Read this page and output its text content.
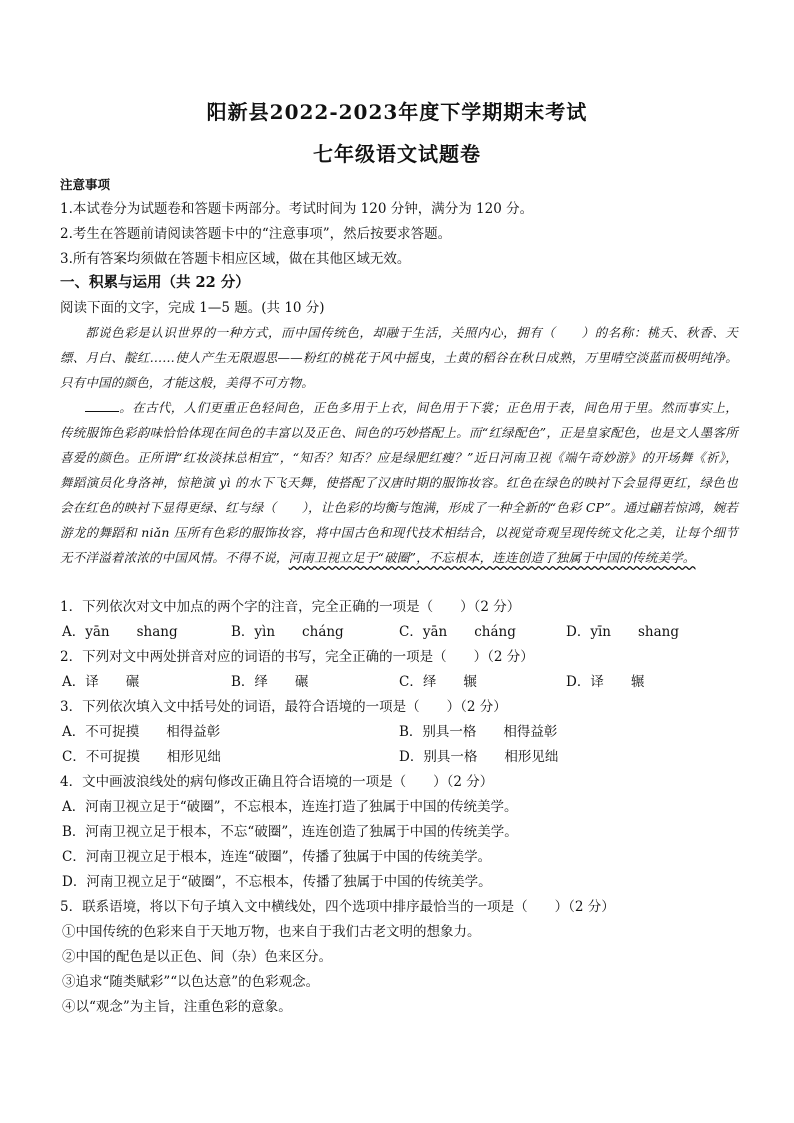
阳新县2022-2023年度下学期期末考试
七年级语文试题卷
注意事项
1.本试卷分为试题卷和答题卡两部分。考试时间为 120 分钟，满分为 120 分。
2.考生在答题前请阅读答题卡中的“注意事项”，然后按要求答题。
3.所有答案均须做在答题卡相应区域，做在其他区域无效。
一、积累与运用（共 22 分）
阅读下面的文字，完成 1—5 题。(共 10 分)
都说色彩是认识世界的一种方式，而中国传统色，却融于生活，关照内心，拥有（　　）的名称：桃夭、秋香、天缥、月白、靛红……使人产生无限遐思——粉红的桃花于风中摇曳，土黄的稻谷在秋日成熟，万里晴空淡蓝而极明纯净。只有中国的颜色，才能这般，美得不可方物。
。在古代，人们更重正色轻间色，正色多用于上衣，间色用于下裳；正色用于表，间色用于里。然而事实上，传统服饰色彩韵味恰恰体现在间色的丰富以及正色、间色的巧妙搭配上。而“红绿配色”，正是皇家配色，也是文人墨客所喜爱的颜色。正所谓“红妆淡抹总相宜”，“知否？知否？应是绿肥红瘦？”近日河南卫视《端午奇妙游》的开场舞《祈》，舞蹈演员化身洛神，惊艳演 yì 的水下飞天舞，使搭配了汉唐时期的服饰妆容。红色在绿色的映衬下会显得更红，绿色也会在红色的映衬下显得更绿、红与绿（　　），让色彩的均衡与饱满，形成了一种全新的“色彩 CP”。通过翩若惊鸿，婉若游龙的舞蹈和 niǎn 压所有色彩的服饰妆容，将中国古色和现代技术相结合，以视觉奇观呈现传统文化之美，让每个细节无不洋溢着浓浓的中国风情。不得不说，河南卫视立足于“破圈”，不忘根本，连连创造了独属于中国的传统美学。
1．下列依次对文中加点的两个字的注音，完全正确的一项是（　　）（2 分）
A．yān　　shang	B．yìn　　cháng	C．yān　　cháng	D．yīn　　shang
2．下列对文中两处拼音对应的词语的书写，完全正确的一项是（　　）（2 分）
A．译　　碾	B．绎　　碾	C．绎　　辗	D．译　　辗
3．下列依次填入文中括号处的词语，最符合语境的一项是（　　）（2 分）
A．不可捉摸　　相得益彰	B．别具一格　　相得益彰
C．不可捉摸　　相形见绌	D．别具一格　　相形见绌
4．文中画波浪线处的病句修改正确且符合语境的一项是（　　）（2 分）
A．河南卫视立足于“破圈”，不忘根本，连连打造了独属于中国的传统美学。
B．河南卫视立足于根本，不忘“破圈”，连连创造了独属于中国的传统美学。
C．河南卫视立足于根本，连连“破圈”，传播了独属于中国的传统美学。
D．河南卫视立足于“破圈”，不忘根本，传播了独属于中国的传统美学。
5．联系语境，将以下句子填入文中横线处，四个选项中排序最恰当的一项是（　　）（2 分）
①中国传统的色彩来自于天地万物，也来自于我们古老文明的想象力。
②中国的配色是以正色、间（杂）色来区分。
③追求“随类赋彩”“以色达意”的色彩观念。
④以“观念”为主旨，注重色彩的意象。
